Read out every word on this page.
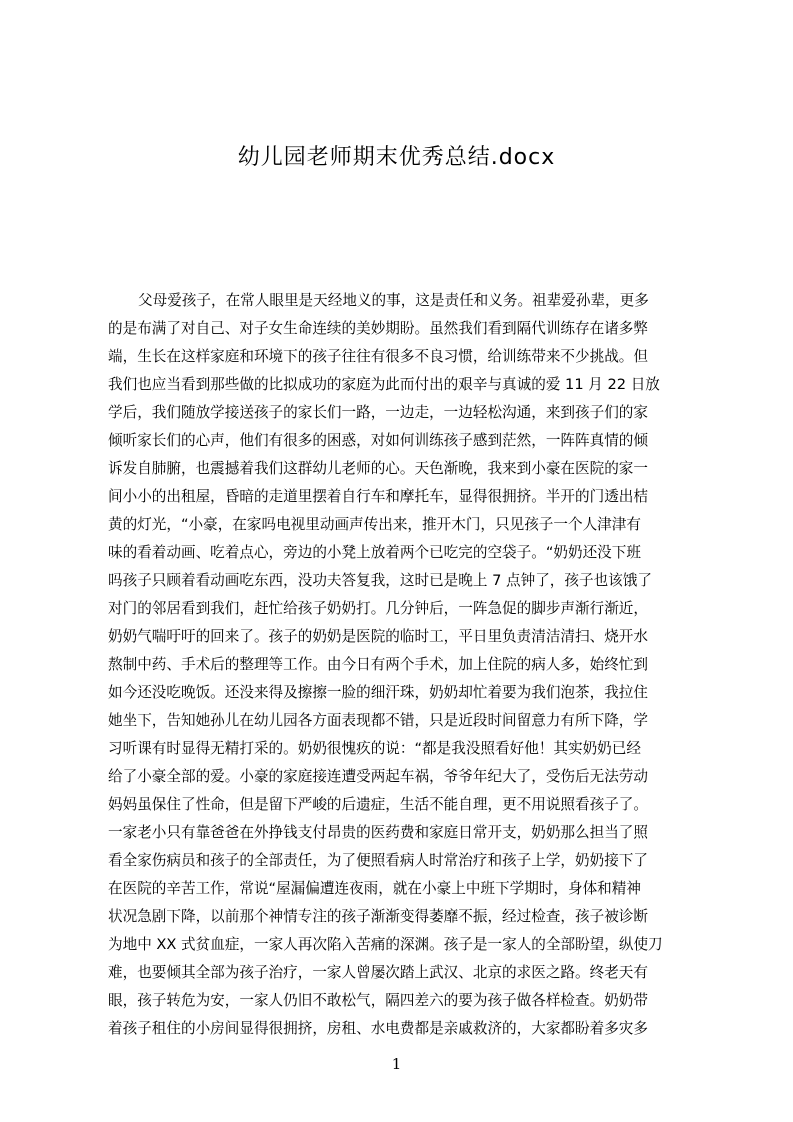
幼儿园老师期末优秀总结.docx
父母爱孩子，在常人眼里是天经地义的事，这是责任和义务。祖辈爱孙辈，更多
的是布满了对自己、对子女生命连续的美妙期盼。虽然我们看到隔代训练存在诸多弊
端，生长在这样家庭和环境下的孩子往往有很多不良习惯，给训练带来不少挑战。但
我们也应当看到那些做的比拟成功的家庭为此而付出的艰辛与真诚的爱 11 月 22 日放
学后，我们随放学接送孩子的家长们一路，一边走，一边轻松沟通，来到孩子们的家
倾听家长们的心声，他们有很多的困惑，对如何训练孩子感到茫然，一阵阵真情的倾
诉发自肺腑，也震撼着我们这群幼儿老师的心。天色渐晚，我来到小豪在医院的家一
间小小的出租屋，昏暗的走道里摆着自行车和摩托车，显得很拥挤。半开的门透出桔
黄的灯光，“小豪，在家吗电视里动画声传出来，推开木门，只见孩子一个人津津有
味的看着动画、吃着点心，旁边的小凳上放着两个已吃完的空袋子。“奶奶还没下班
吗孩子只顾着看动画吃东西，没功夫答复我，这时已是晚上 7 点钟了，孩子也该饿了
对门的邻居看到我们，赶忙给孩子奶奶打。几分钟后，一阵急促的脚步声渐行渐近，
奶奶气喘吁吁的回来了。孩子的奶奶是医院的临时工，平日里负责清洁清扫、烧开水
熬制中药、手术后的整理等工作。由今日有两个手术，加上住院的病人多，始终忙到
如今还没吃晚饭。还没来得及擦擦一脸的细汗珠，奶奶却忙着要为我们泡茶，我拉住
她坐下，告知她孙儿在幼儿园各方面表现都不错，只是近段时间留意力有所下降，学
习听课有时显得无精打采的。奶奶很愧疚的说：“都是我没照看好他！其实奶奶已经
给了小豪全部的爱。小豪的家庭接连遭受两起车祸，爷爷年纪大了，受伤后无法劳动
妈妈虽保住了性命，但是留下严峻的后遗症，生活不能自理，更不用说照看孩子了。
一家老小只有靠爸爸在外挣钱支付昂贵的医药费和家庭日常开支，奶奶那么担当了照
看全家伤病员和孩子的全部责任，为了便照看病人时常治疗和孩子上学，奶奶接下了
在医院的辛苦工作，常说“屋漏偏遭连夜雨，就在小豪上中班下学期时，身体和精神
状况急剧下降，以前那个神情专注的孩子渐渐变得萎靡不振，经过检查，孩子被诊断
为地中 XX 式贫血症，一家人再次陷入苦痛的深渊。孩子是一家人的全部盼望，纵使刀
难，也要倾其全部为孩子治疗，一家人曾屡次踏上武汉、北京的求医之路。终老天有
眼，孩子转危为安，一家人仍旧不敢松气，隔四差六的要为孩子做各样检查。奶奶带
着孩子租住的小房间显得很拥挤，房租、水电费都是亲戚救济的，大家都盼着多灾多
1
